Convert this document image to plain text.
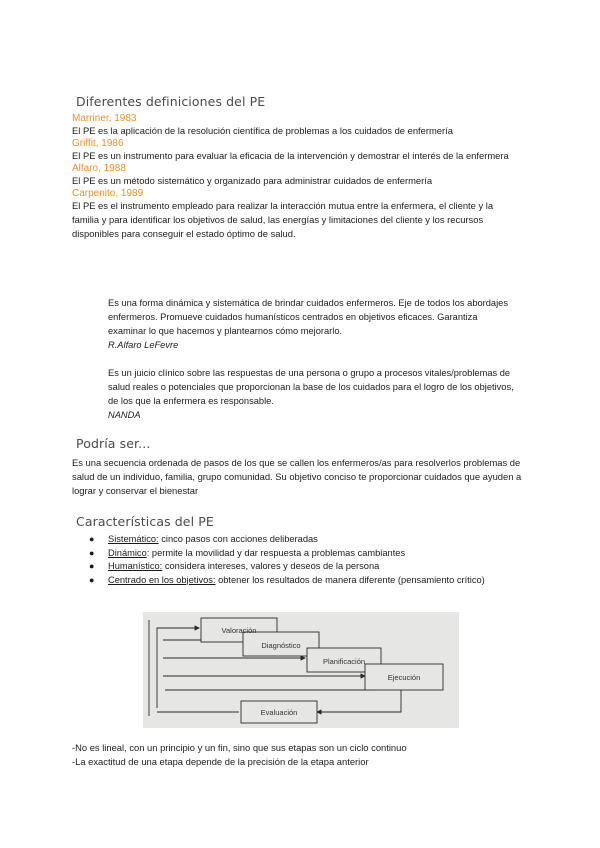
Diferentes definiciones del PE
Marriner, 1983
El PE es la aplicación de la resolución científica de problemas a los cuidados de enfermería
Griffit, 1986
El PE es un instrumento para evaluar la eficacia de la intervención y demostrar el interés de la enfermera
Alfaro, 1988
El PE es un método sistemático y organizado para administrar cuidados de enfermería
Carpenito, 1989
El PE es el instrumento empleado para realizar la interacción mutua entre la enfermera, el cliente y la familia y para identificar los objetivos de salud, las energías y limitaciones del cliente y los recursos disponibles para conseguir el estado óptimo de salud.
Es una forma dinámica y sistemática de brindar cuidados enfermeros. Eje de todos los abordajes enfermeros. Promueve cuidados humanísticos centrados en objetivos eficaces. Garantiza examinar lo que hacemos y plantearnos cómo mejorarlo.
R.Alfaro LeFevre
Es un juicio clínico sobre las respuestas de una persona o grupo a procesos vitales/problemas de salud reales o potenciales que proporcionan la base de los cuidados para el logro de los objetivos, de los que la enfermera es responsable.
NANDA
Podría ser...
Es una secuencia ordenada de pasos de los que se callen los enfermeros/as para resolverlos problemas de salud de un individuo, familia, grupo comunidad. Su objetivo conciso te proporcionar cuidados que ayuden a lograr y conservar el bienestar
Características del PE
● Sistemático: cinco pasos con acciones deliberadas
● Dinámico: permite la movilidad y dar respuesta a problemas cambiantes
● Humanístico: considera intereses, valores y deseos de la persona
● Centrado en los objetivos: obtener los resultados de manera diferente (pensamiento crítico)
Valoración
Diagnóstico
Planificación
Ejecución
Evaluación
-No es lineal, con un principio y un fin, sino que sus etapas son un ciclo continuo
-La exactitud de una etapa depende de la precisión de la etapa anterior
